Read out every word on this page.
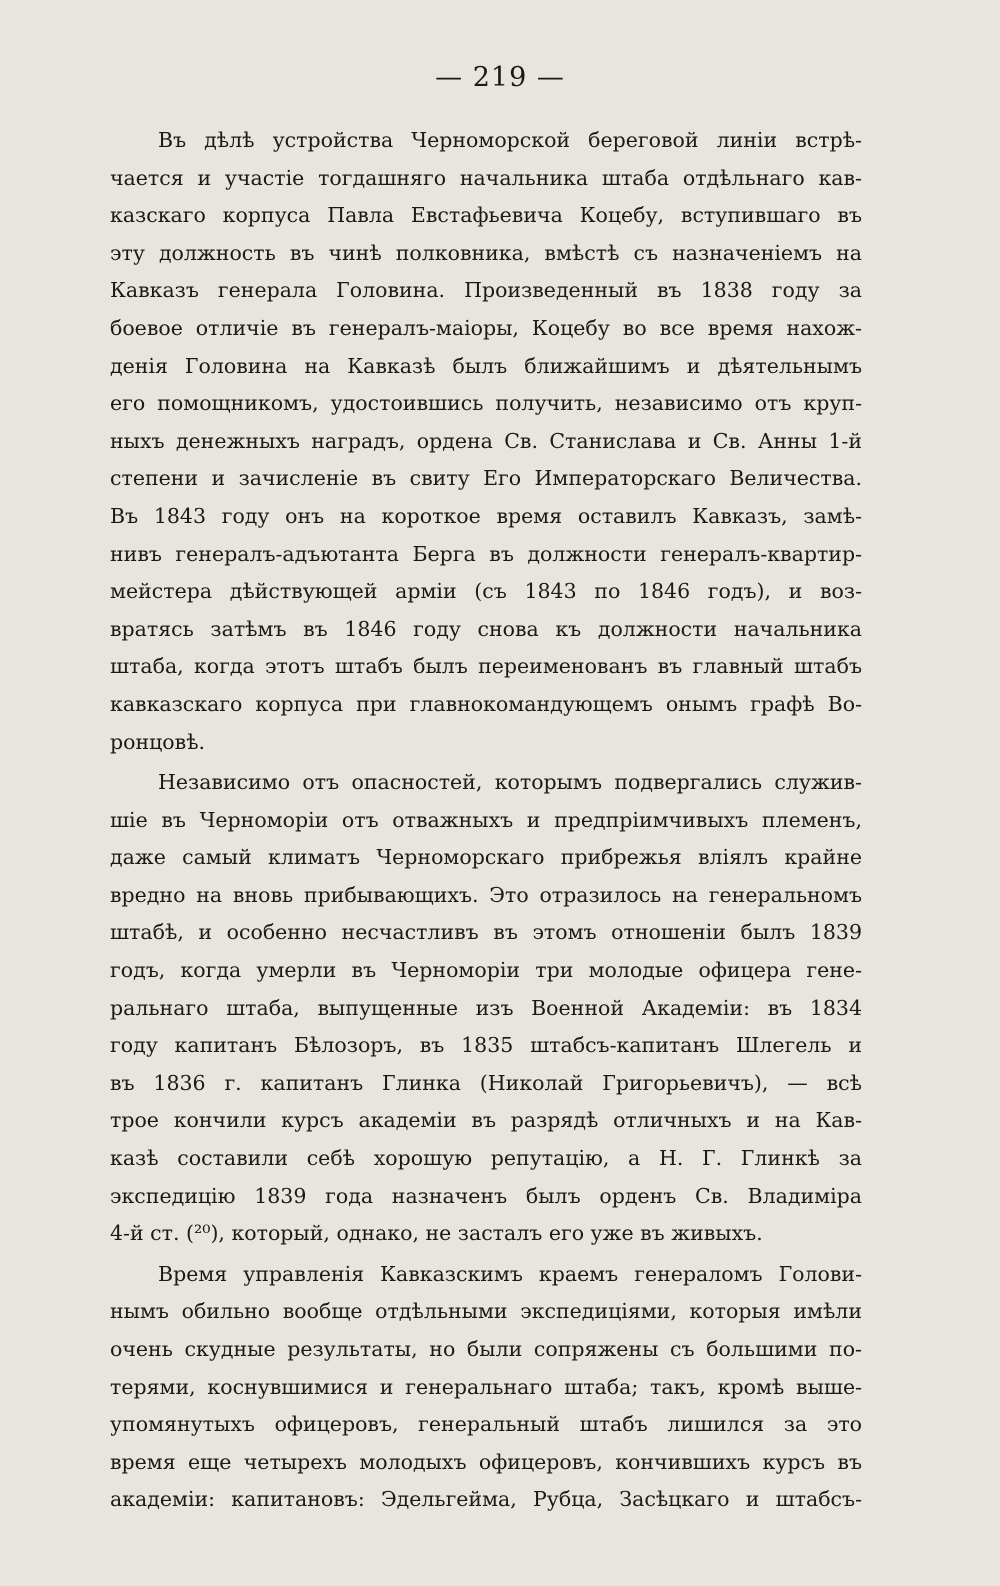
— 219 —
Въ дѣлѣ устройства Черноморской береговой линіи встрѣ-
чается и участіе тогдашняго начальника штаба отдѣльнаго кав-
казскаго корпуса Павла Евстафьевича Коцебу, вступившаго въ
эту должность въ чинѣ полковника, вмѣстѣ съ назначеніемъ на
Кавказъ генерала Головина. Произведенный въ 1838 году за
боевое отличіе въ генералъ-маіоры, Коцебу во все время нахож-
денія Головина на Кавказѣ былъ ближайшимъ и дѣятельнымъ
его помощникомъ, удостоившись получить, независимо отъ круп-
ныхъ денежныхъ наградъ, ордена Св. Станислава и Св. Анны 1-й
степени и зачисленіе въ свиту Его Императорскаго Величества.
Въ 1843 году онъ на короткое время оставилъ Кавказъ, замѣ-
нивъ генералъ-адъютанта Берга въ должности генералъ-квартир-
мейстера дѣйствующей арміи (съ 1843 по 1846 годъ), и воз-
вратясь затѣмъ въ 1846 году снова къ должности начальника
штаба, когда этотъ штабъ былъ переименованъ въ главный штабъ
кавказскаго корпуса при главнокомандующемъ онымъ графѣ Во-
ронцовѣ.
Независимо отъ опасностей, которымъ подвергались служив-
шіе въ Черноморіи отъ отважныхъ и предпріимчивыхъ племенъ,
даже самый климатъ Черноморскаго прибрежья вліялъ крайне
вредно на вновь прибывающихъ. Это отразилось на генеральномъ
штабѣ, и особенно несчастливъ въ этомъ отношеніи былъ 1839
годъ, когда умерли въ Черноморіи три молодые офицера гене-
ральнаго штаба, выпущенные изъ Военной Академіи: въ 1834
году капитанъ Бѣлозоръ, въ 1835 штабсъ-капитанъ Шлегель и
въ 1836 г. капитанъ Глинка (Николай Григорьевичъ), — всѣ
трое кончили курсъ академіи въ разрядѣ отличныхъ и на Кав-
казѣ составили себѣ хорошую репутацію, а Н. Г. Глинкѣ за
экспедицію 1839 года назначенъ былъ орденъ Св. Владиміра
4-й ст. (²⁰), который, однако, не засталъ его уже въ живыхъ.
Время управленія Кавказскимъ краемъ генераломъ Голови-
нымъ обильно вообще отдѣльными экспедиціями, которыя имѣли
очень скудные результаты, но были сопряжены съ большими по-
терями, коснувшимися и генеральнаго штаба; такъ, кромѣ выше-
упомянутыхъ офицеровъ, генеральный штабъ лишился за это
время еще четырехъ молодыхъ офицеровъ, кончившихъ курсъ въ
академіи: капитановъ: Эдельгейма, Рубца, Засѣцкаго и штабсъ-
